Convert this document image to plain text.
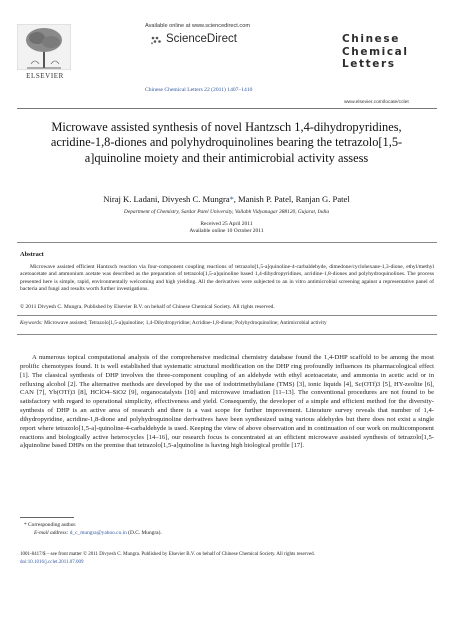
ELSEVIER
Available online at www.sciencedirect.com
ScienceDirect
Chinese Chemical Letters 22 (2011) 1407–1410
Chinese
Chemical
Letters
www.elsevier.com/locate/cclet
Microwave assisted synthesis of novel Hantzsch 1,4-dihydropyridines, acridine-1,8-diones and polyhydroquinolines bearing the tetrazolo[1,5-a]quinoline moiety and their antimicrobial activity assess
Niraj K. Ladani, Divyesh C. Mungra*, Manish P. Patel, Ranjan G. Patel
Department of Chemistry, Sardar Patel University, Vallabh Vidyanagar 388120, Gujarat, India
Received 25 April 2011
Available online 10 October 2011
Abstract
Microwave assisted efficient Hantzsch reaction via four-component coupling reactions of tetrazolo[1,5-a]quinoline-4-carbaldehyde, dimedone/cyclohexane-1,3-dione, ethyl/methyl acetoacetate and ammonium acetate was described as the preparation of tetrazolo[1,5-a]quinoline based 1,4-dihydropyridines, acridine-1,8-diones and polyhydroquinolines. The process presented here is simple, rapid, environmentally welcoming and high yielding. All the derivatives were subjected to an in vitro antimicrobial screening against a representative panel of bacteria and fungi and results worth further investigations.
© 2011 Divyesh C. Mungra. Published by Elsevier B.V. on behalf of Chinese Chemical Society. All rights reserved.
Keywords: Microwave assisted; Tetrazolo[1,5-a]quinoline; 1,4-Dihydropyridine; Acridine-1,8-dione; Polyhydroquinoline; Antimicrobial activity
A numerous topical computational analysis of the comprehensive medicinal chemistry database found the 1,4-DHP scaffold to be among the most prolific chemotypes found. It is well established that systematic structural modification on the DHP ring profoundly influences its pharmacological effect [1]. The classical synthesis of DHP involves the three-component coupling of an aldehyde with ethyl acetoacetate, and ammonia in acetic acid or in refluxing alcohol [2]. The alternative methods are developed by the use of iodotrimethylsilane (TMS) [3], ionic liquids [4], Sc(OTf)3 [5], HY-zeolite [6], CAN [7], Yb(OTf)3 [8], HClO4–SiO2 [9], organocatalysts [10] and microwave irradiation [11–13]. The conventional procedures are not found to be satisfactory with regard to operational simplicity, effectiveness and yield. Consequently, the developer of a simple and efficient method for the diversity-synthesis of DHP is an active area of research and there is a vast scope for further improvement. Literature survey reveals that number of 1,4-dihydropyridine, acridine-1,8-dione and polyhydroquinoline derivatives have been synthesized using various aldehydes but there does not exist a single report where tetrazolo[1,5-a]-quinoline-4-carbaldehyde is used. Keeping the view of above observation and in continuation of our work on multicomponent reactions and biologically active heterocycles [14–16], our research focus is concentrated at an efficient microwave assisted synthesis of tetrazolo[1,5-a]quinoline based DHPs on the premise that tetrazolo[1,5-a]quinoline is having high biological profile [17].
* Corresponding author.
E-mail address: d_c_mungra@yahoo.co.in (D.C. Mungra).
1001-8417/$ – see front matter © 2011 Divyesh C. Mungra. Published by Elsevier B.V. on behalf of Chinese Chemical Society. All rights reserved.
doi:10.1016/j.cclet.2011.07.009
